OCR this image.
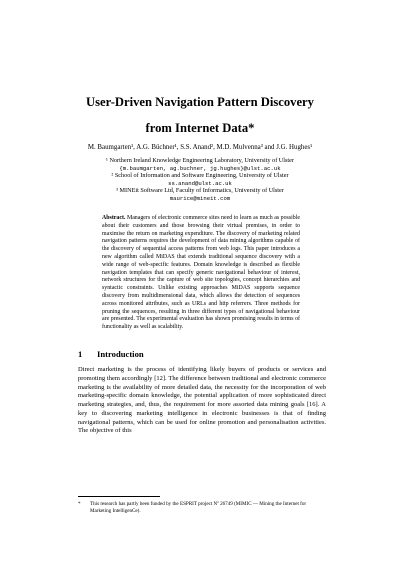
User-Driven Navigation Pattern Discovery
from Internet Data*

M. Baumgarten¹, A.G. Büchner¹, S.S. Anand², M.D. Mulvenna³ and J.G. Hughes¹

¹ Northern Ireland Knowledge Engineering Laboratory, University of Ulster
{m.baumgarten, ag.buchner, jg.hughes}@ulst.ac.uk
² School of Information and Software Engineering, University of Ulster
ss.anand@ulst.ac.uk
³ MINEit Software Ltd, Faculty of Informatics, University of Ulster
maurice@mineit.com

Abstract. Managers of electronic commerce sites need to learn as much as possible about their customers and those browsing their virtual premises, in order to maximise the return on marketing expenditure. The discovery of marketing related navigation patterns requires the development of data mining algorithms capable of the discovery of sequential access patterns from web logs. This paper introduces a new algorithm called MiDAS that extends traditional sequence discovery with a wide range of web-specific features. Domain knowledge is described as flexible navigation templates that can specify generic navigational behaviour of interest, network structures for the capture of web site topologies, concept hierarchies and syntactic constraints. Unlike existing approaches MiDAS supports sequence discovery from multidimensional data, which allows the detection of sequences across monitored attributes, such as URLs and http referrers. Three methods for pruning the sequences, resulting in three different types of navigational behaviour are presented. The experimental evaluation has shown promising results in terms of functionality as well as scalability.

1 Introduction

Direct marketing is the process of identifying likely buyers of products or services and promoting them accordingly [12]. The difference between traditional and electronic commerce marketing is the availability of more detailed data, the necessity for the incorporation of web marketing-specific domain knowledge, the potential application of more sophisticated direct marketing strategies, and, thus, the requirement for more assorted data mining goals [16]. A key to discovering marketing intelligence in electronic businesses is that of finding navigational patterns, which can be used for online promotion and personalisation activities. The objective of this

* This research has partly been funded by the ESPRIT project Nº 26749 (MIMIC — Mining the Internet for Marketing IntelligenCe).
